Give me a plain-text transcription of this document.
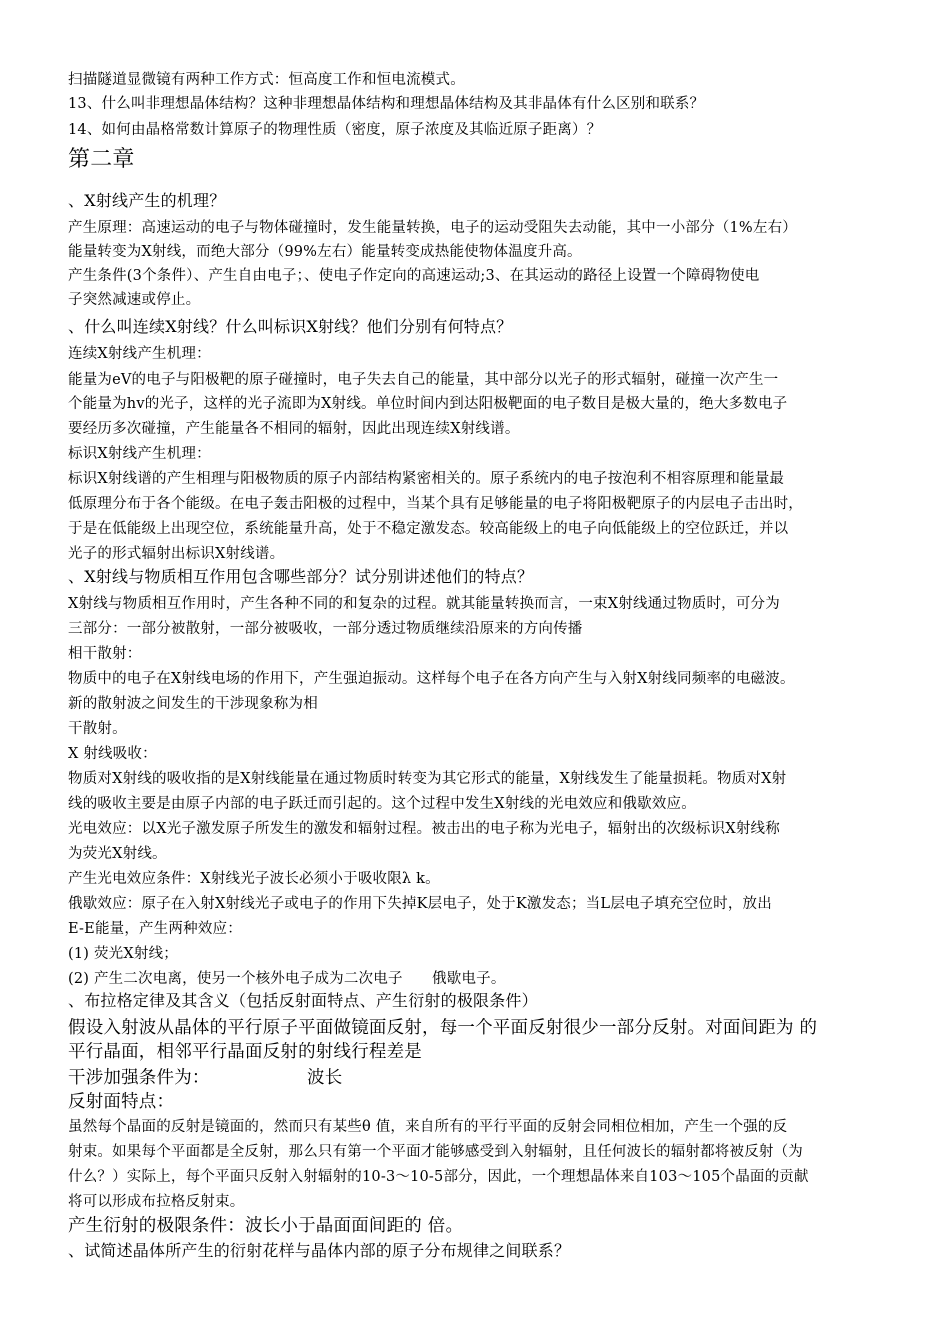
扫描隧道显微镜有两种工作方式：恒高度工作和恒电流模式。
13、什么叫非理想晶体结构？这种非理想晶体结构和理想晶体结构及其非晶体有什么区别和联系？
14、如何由晶格常数计算原子的物理性质（密度，原子浓度及其临近原子距离）？
第二章
、X射线产生的机理？
产生原理：高速运动的电子与物体碰撞时，发生能量转换，电子的运动受阻失去动能，其中一小部分（1%左右）
能量转变为X射线，而绝大部分（99%左右）能量转变成热能使物体温度升高。
产生条件(3个条件）、产生自由电子；、使电子作定向的高速运动;3、在其运动的路径上设置一个障碍物使电
子突然减速或停止。
、什么叫连续X射线？什么叫标识X射线？他们分别有何特点？
连续X射线产生机理：
能量为eV的电子与阳极靶的原子碰撞时，电子失去自己的能量，其中部分以光子的形式辐射，碰撞一次产生一
个能量为hv的光子，这样的光子流即为X射线。单位时间内到达阳极靶面的电子数目是极大量的，绝大多数电子
要经历多次碰撞，产生能量各不相同的辐射，因此出现连续X射线谱。
标识X射线产生机理：
标识X射线谱的产生相理与阳极物质的原子内部结构紧密相关的。原子系统内的电子按泡利不相容原理和能量最
低原理分布于各个能级。在电子轰击阳极的过程中，当某个具有足够能量的电子将阳极靶原子的内层电子击出时，
于是在低能级上出现空位，系统能量升高，处于不稳定激发态。较高能级上的电子向低能级上的空位跃迁，并以
光子的形式辐射出标识X射线谱。
、X射线与物质相互作用包含哪些部分？试分别讲述他们的特点？
X射线与物质相互作用时，产生各种不同的和复杂的过程。就其能量转换而言，一束X射线通过物质时，可分为
三部分：一部分被散射，一部分被吸收，一部分透过物质继续沿原来的方向传播
相干散射：
物质中的电子在X射线电场的作用下，产生强迫振动。这样每个电子在各方向产生与入射X射线同频率的电磁波。
新的散射波之间发生的干涉现象称为相
干散射。
X 射线吸收：
物质对X射线的吸收指的是X射线能量在通过物质时转变为其它形式的能量，X射线发生了能量损耗。物质对X射
线的吸收主要是由原子内部的电子跃迁而引起的。这个过程中发生X射线的光电效应和俄歇效应。
光电效应：以X光子激发原子所发生的激发和辐射过程。被击出的电子称为光电子，辐射出的次级标识X射线称
为荧光X射线。
产生光电效应条件：X射线光子波长必须小于吸收限λ k。
俄歇效应：原子在入射X射线光子或电子的作用下失掉K层电子，处于K激发态；当L层电子填充空位时，放出
E-E能量，产生两种效应：
(1) 荧光X射线；
(2) 产生二次电离，使另一个核外电子成为二次电子　　俄歇电子。
、布拉格定律及其含义（包括反射面特点、产生衍射的极限条件）
假设入射波从晶体的平行原子平面做镜面反射，每一个平面反射很少一部分反射。对面间距为 的
平行晶面，相邻平行晶面反射的射线行程差是
干涉加强条件为：　　　　　　波长
反射面特点：
虽然每个晶面的反射是镜面的，然而只有某些θ 值，来自所有的平行平面的反射会同相位相加，产生一个强的反
射束。如果每个平面都是全反射，那么只有第一个平面才能够感受到入射辐射，且任何波长的辐射都将被反射（为
什么？）实际上，每个平面只反射入射辐射的10-3～10-5部分，因此，一个理想晶体来自103～105个晶面的贡献
将可以形成布拉格反射束。
产生衍射的极限条件：波长小于晶面面间距的 倍。
、试简述晶体所产生的衍射花样与晶体内部的原子分布规律之间联系？
